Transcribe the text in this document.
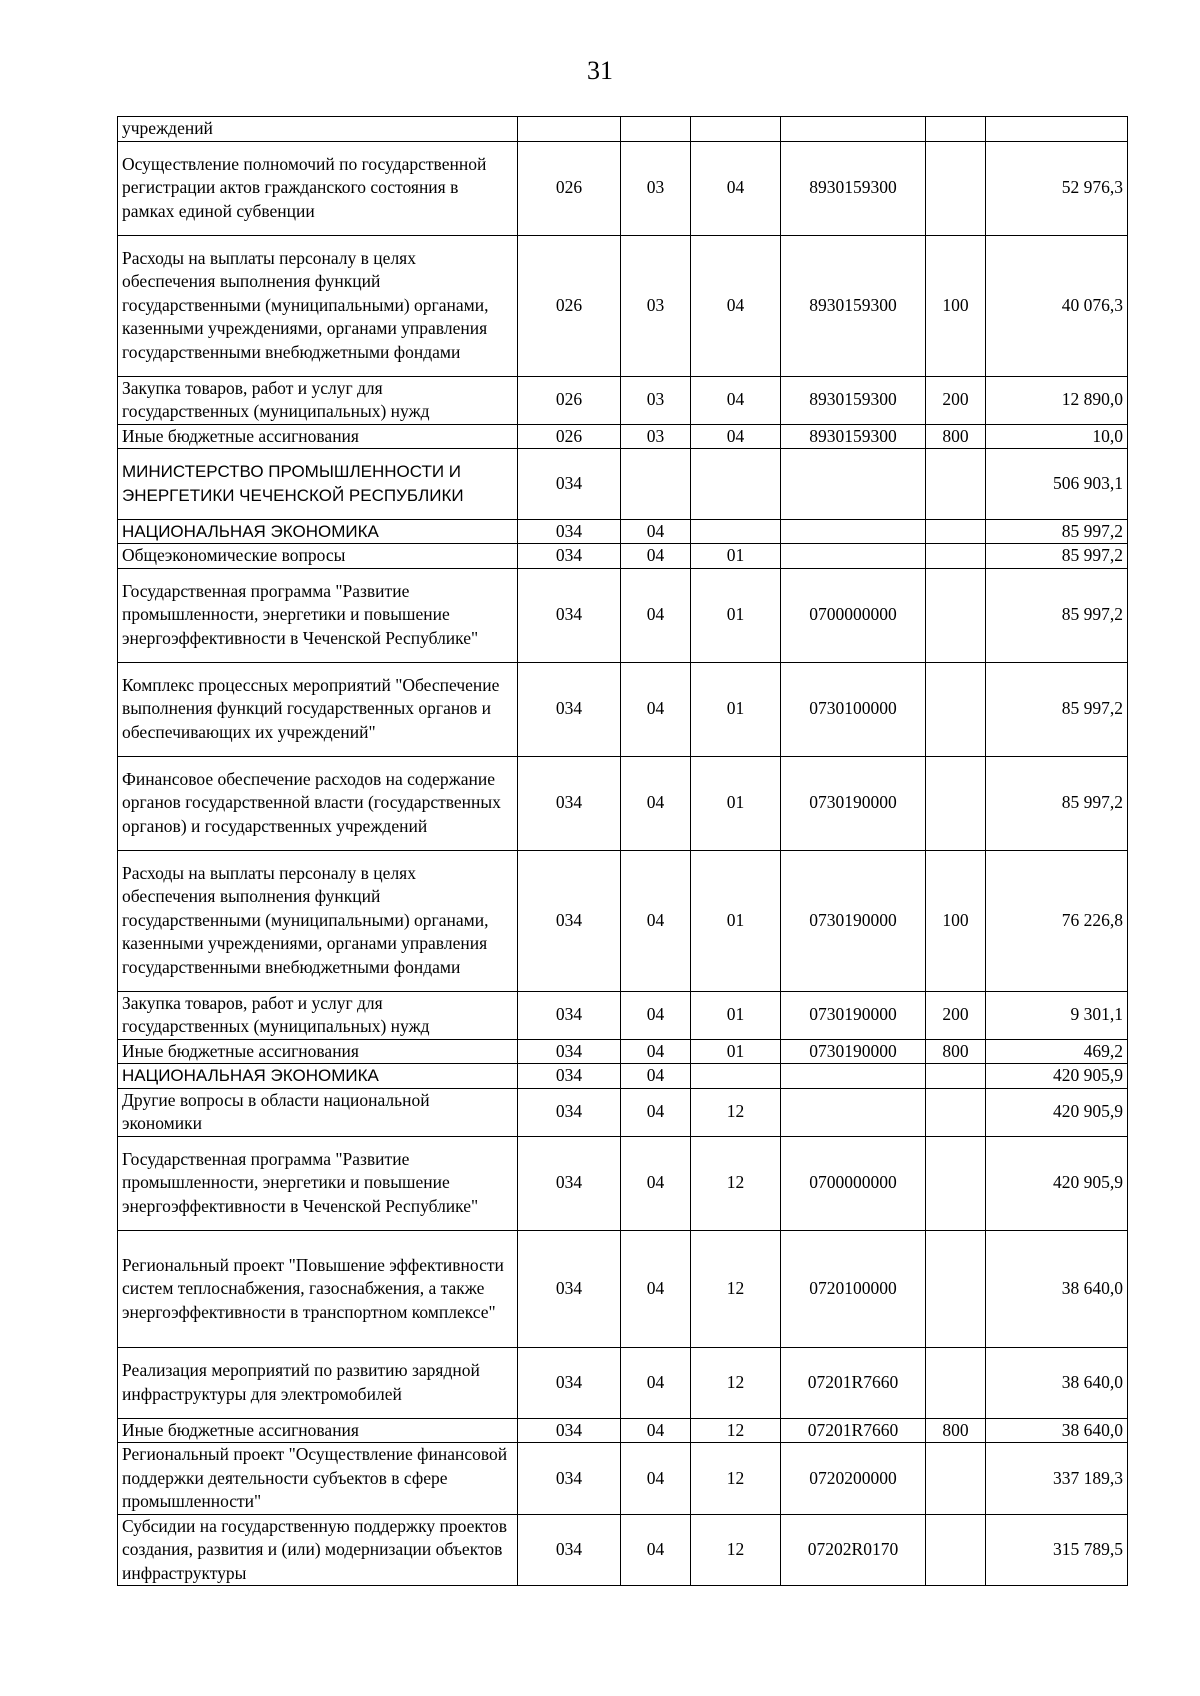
31
учреждений						
Осуществление полномочий по государственной регистрации актов гражданского состояния в рамках единой субвенции	026	03	04	8930159300		52 976,3
Расходы на выплаты персоналу в целях обеспечения выполнения функций государственными (муниципальными) органами, казенными учреждениями, органами управления государственными внебюджетными фондами	026	03	04	8930159300	100	40 076,3
Закупка товаров, работ и услуг для государственных (муниципальных) нужд	026	03	04	8930159300	200	12 890,0
Иные бюджетные ассигнования	026	03	04	8930159300	800	10,0
МИНИСТЕРСТВО ПРОМЫШЛЕННОСТИ И ЭНЕРГЕТИКИ ЧЕЧЕНСКОЙ РЕСПУБЛИКИ	034					506 903,1
НАЦИОНАЛЬНАЯ ЭКОНОМИКА	034	04				85 997,2
Общеэкономические вопросы	034	04	01			85 997,2
Государственная программа "Развитие промышленности, энергетики и повышение энергоэффективности в Чеченской Республике"	034	04	01	0700000000		85 997,2
Комплекс процессных мероприятий "Обеспечение выполнения функций государственных органов и обеспечивающих их учреждений"	034	04	01	0730100000		85 997,2
Финансовое обеспечение расходов на содержание органов государственной власти (государственных органов) и государственных учреждений	034	04	01	0730190000		85 997,2
Расходы на выплаты персоналу в целях обеспечения выполнения функций государственными (муниципальными) органами, казенными учреждениями, органами управления государственными внебюджетными фондами	034	04	01	0730190000	100	76 226,8
Закупка товаров, работ и услуг для государственных (муниципальных) нужд	034	04	01	0730190000	200	9 301,1
Иные бюджетные ассигнования	034	04	01	0730190000	800	469,2
НАЦИОНАЛЬНАЯ ЭКОНОМИКА	034	04				420 905,9
Другие вопросы в области национальной экономики	034	04	12			420 905,9
Государственная программа "Развитие промышленности, энергетики и повышение энергоэффективности в Чеченской Республике"	034	04	12	0700000000		420 905,9
Региональный проект "Повышение эффективности систем теплоснабжения, газоснабжения, а также энергоэффективности в транспортном комплексе"	034	04	12	0720100000		38 640,0
Реализация мероприятий по развитию зарядной инфраструктуры для электромобилей	034	04	12	07201R7660		38 640,0
Иные бюджетные ассигнования	034	04	12	07201R7660	800	38 640,0
Региональный проект "Осуществление финансовой поддержки деятельности субъектов в сфере промышленности"	034	04	12	0720200000		337 189,3
Субсидии на государственную поддержку проектов создания, развития и (или) модернизации объектов инфраструктуры	034	04	12	07202R0170		315 789,5
